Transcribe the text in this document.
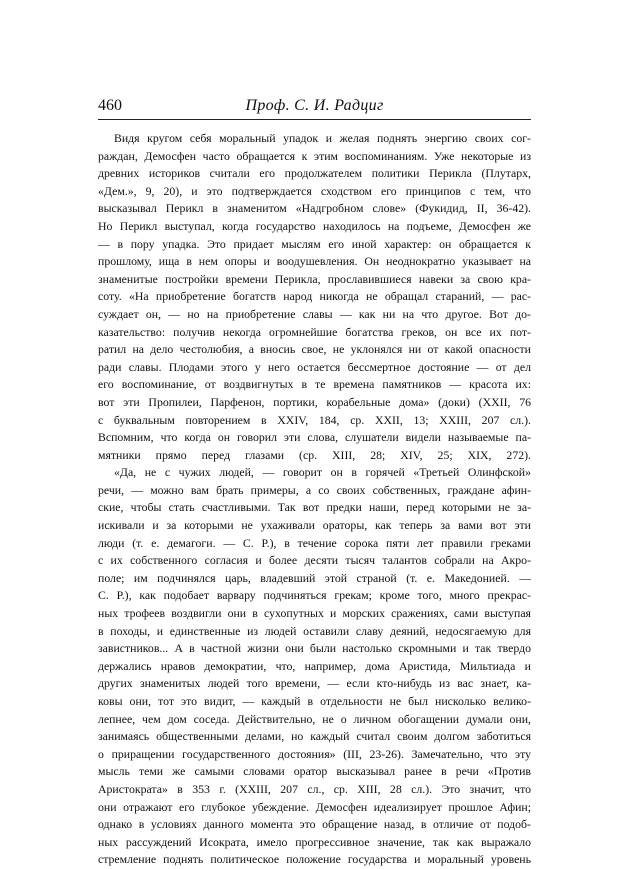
460	Проф. С. И. Радциг
Видя кругом себя моральный упадок и желая поднять энергию своих сог-
раждан, Демосфен часто обращается к этим воспоминаниям. Уже некоторые из
древних историков считали его продолжателем политики Перикла (Плутарх,
«Дем.», 9, 20), и это подтверждается сходством его принципов с тем, что
высказывал Перикл в знаменитом «Надгробном слове» (Фукидид, II, 36-42).
Но Перикл выступал, когда государство находилось на подъеме, Демосфен же
— в пору упадка. Это придает мыслям его иной характер: он обращается к
прошлому, ища в нем опоры и воодушевления. Он неоднократно указывает на
знаменитые постройки времени Перикла, прославившиеся навеки за свою кра-
соту. «На приобретение богатств народ никогда не обращал стараний, — рас-
суждает он, — но на приобретение славы — как ни на что другое. Вот до-
казательство: получив некогда огромнейшие богатства греков, он все их пот-
ратил на дело честолюбия, а вносиь свое, не уклонялся ни от какой опасности
ради славы. Плодами этого у него остается бессмертное достояние — от дел
его воспоминание, от воздвигнутых в те времена памятников — красота их:
вот эти Пропилеи, Парфенон, портики, корабельные дома» (доки) (XXII, 76
с буквальным повторением в XXIV, 184, ср. XXII, 13; XXIII, 207 сл.).
Вспомним, что когда он говорил эти слова, слушатели видели называемые па-
мятники прямо перед глазами (ср. XIII, 28; XIV, 25; XIX, 272).
«Да, не с чужих людей, — говорит он в горячей «Третьей Олинфской»
речи, — можно вам брать примеры, а со своих собственных, граждане афин-
ские, чтобы стать счастливыми. Так вот предки наши, перед которыми не за-
искивали и за которыми не ухаживали ораторы, как теперь за вами вот эти
люди (т. е. демагоги. — С. Р.), в течение сорока пяти лет правили греками
с их собственного согласия и более десяти тысяч талантов собрали на Акро-
поле; им подчинялся царь, владевший этой страной (т. е. Македонией. —
С. Р.), как подобает варвару подчиняться грекам; кроме того, много прекрас-
ных трофеев воздвигли они в сухопутных и морских сражениях, сами выступая
в походы, и единственные из людей оставили славу деяний, недосягаемую для
завистников... А в частной жизни они были настолько скромными и так твердо
держались нравов демократии, что, например, дома Аристида, Мильтиада и
других знаменитых людей того времени, — если кто-нибудь из вас знает, ка-
ковы они, тот это видит, — каждый в отдельности не был нисколько велико-
лепнее, чем дом соседа. Действительно, не о личном обогащении думали они,
занимаясь общественными делами, но каждый считал своим долгом заботиться
о приращении государственного достояния» (III, 23-26). Замечательно, что эту
мысль теми же самыми словами оратор высказывал ранее в речи «Против
Аристократа» в 353 г. (XXIII, 207 сл., ср. XIII, 28 сл.). Это значит, что
они отражают его глубокое убеждение. Демосфен идеализирует прошлое Афин;
однако в условиях данного момента это обращение назад, в отличие от подоб-
ных рассуждений Исократа, имело прогрессивное значение, так как выражало
стремление поднять политическое положение государства и моральный уровень
